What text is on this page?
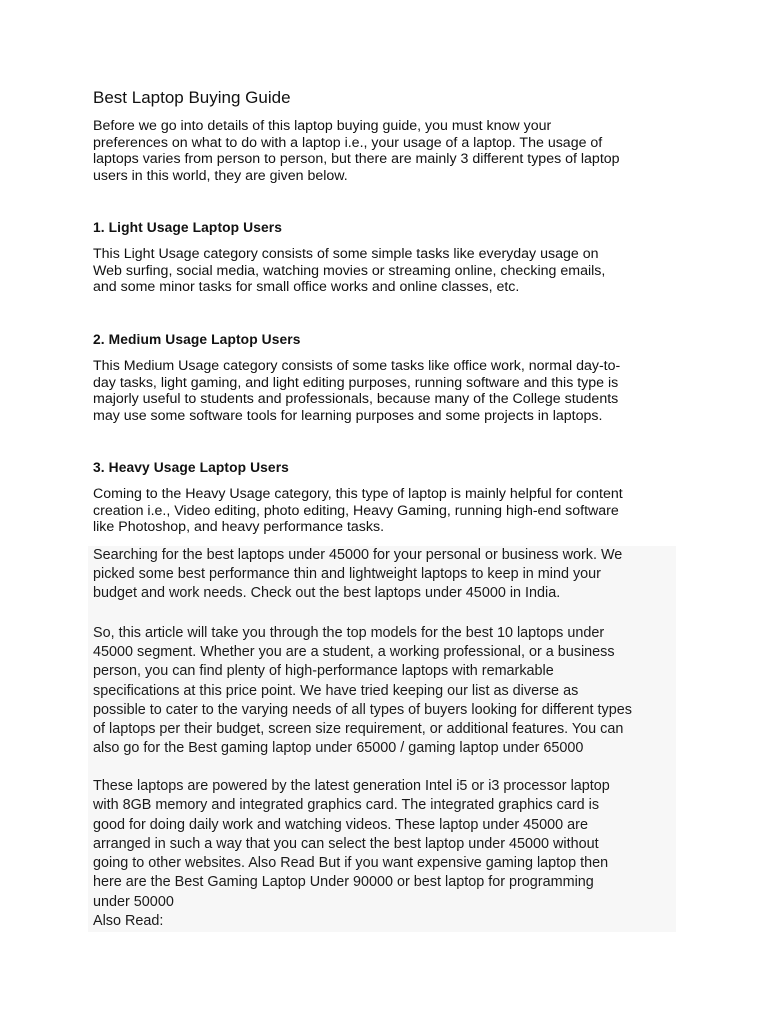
Best Laptop Buying Guide

Before we go into details of this laptop buying guide, you must know your

preferences on what to do with a laptop i.e., your usage of a laptop. The usage of

laptops varies from person to person, but there are mainly 3 different types of laptop

users in this world, they are given below.

1. Light Usage Laptop Users

This Light Usage category consists of some simple tasks like everyday usage on

Web surfing, social media, watching movies or streaming online, checking emails,

and some minor tasks for small office works and online classes, etc.

2. Medium Usage Laptop Users

This Medium Usage category consists of some tasks like office work, normal day-to-

day tasks, light gaming, and light editing purposes, running software and this type is

majorly useful to students and professionals, because many of the College students

may use some software tools for learning purposes and some projects in laptops.

3. Heavy Usage Laptop Users

Coming to the Heavy Usage category, this type of laptop is mainly helpful for content

creation i.e., Video editing, photo editing, Heavy Gaming, running high-end software

like Photoshop, and heavy performance tasks.

Searching for the best laptops under 45000 for your personal or business work. We

picked some best performance thin and lightweight laptops to keep in mind your

budget and work needs. Check out the best laptops under 45000 in India.

So, this article will take you through the top models for the best 10 laptops under

45000 segment. Whether you are a student, a working professional, or a business

person, you can find plenty of high-performance laptops with remarkable

specifications at this price point. We have tried keeping our list as diverse as

possible to cater to the varying needs of all types of buyers looking for different types

of laptops per their budget, screen size requirement, or additional features. You can

also go for the Best gaming laptop under 65000 / gaming laptop under 65000

These laptops are powered by the latest generation Intel i5 or i3 processor laptop

with 8GB memory and integrated graphics card. The integrated graphics card is

good for doing daily work and watching videos. These laptop under 45000 are

arranged in such a way that you can select the best laptop under 45000 without

going to other websites. Also Read But if you want expensive gaming laptop then

here are the Best Gaming Laptop Under 90000 or best laptop for programming

under 50000

Also Read:
